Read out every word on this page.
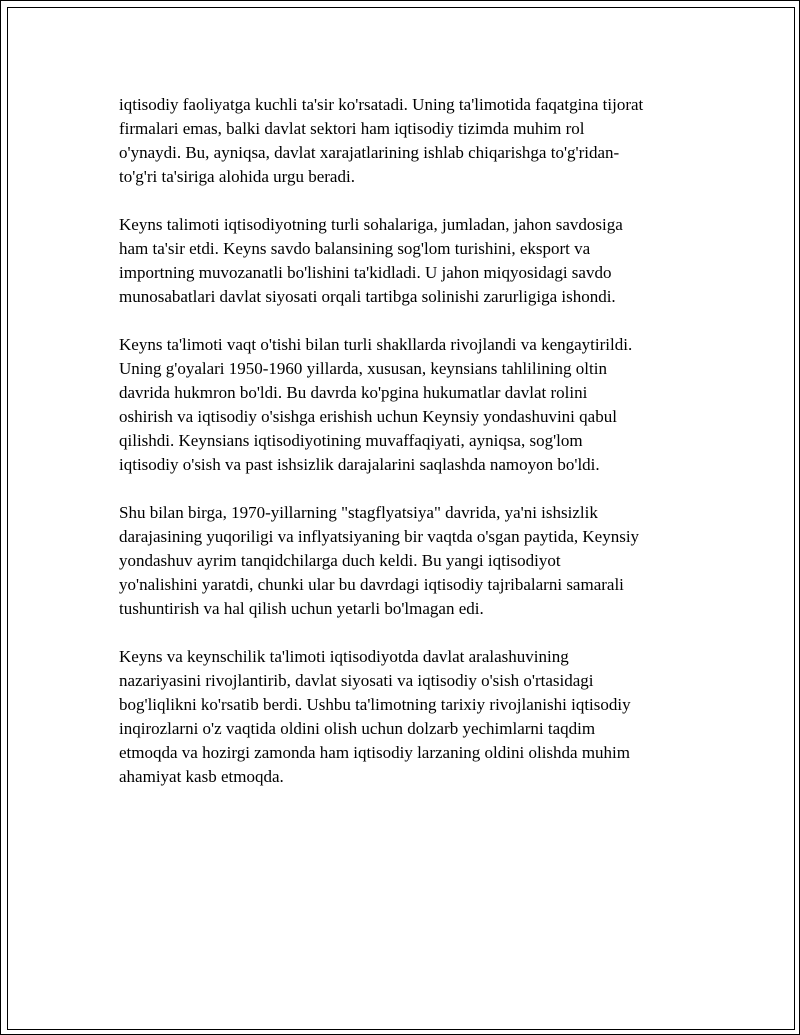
iqtisodiy faoliyatga kuchli ta'sir ko'rsatadi. Uning ta'limotida faqatgina tijorat
firmalari emas, balki davlat sektori ham iqtisodiy tizimda muhim rol
o'ynaydi. Bu, ayniqsa, davlat xarajatlarining ishlab chiqarishga to'g'ridan-
to'g'ri ta'siriga alohida urgu beradi.

Keyns talimoti iqtisodiyotning turli sohalariga, jumladan, jahon savdosiga
ham ta'sir etdi. Keyns savdo balansining sog'lom turishini, eksport va
importning muvozanatli bo'lishini ta'kidladi. U jahon miqyosidagi savdo
munosabatlari davlat siyosati orqali tartibga solinishi zarurligiga ishondi.

Keyns ta'limoti vaqt o'tishi bilan turli shakllarda rivojlandi va kengaytirildi.
Uning g'oyalari 1950-1960 yillarda, xususan, keynsians tahlilining oltin
davrida hukmron bo'ldi. Bu davrda ko'pgina hukumatlar davlat rolini
oshirish va iqtisodiy o'sishga erishish uchun Keynsiy yondashuvini qabul
qilishdi. Keynsians iqtisodiyotining muvaffaqiyati, ayniqsa, sog'lom
iqtisodiy o'sish va past ishsizlik darajalarini saqlashda namoyon bo'ldi.

Shu bilan birga, 1970-yillarning "stagflyatsiya" davrida, ya'ni ishsizlik
darajasining yuqoriligi va inflyatsiyaning bir vaqtda o'sgan paytida, Keynsiy
yondashuv ayrim tanqidchilarga duch keldi. Bu yangi iqtisodiyot
yo'nalishini yaratdi, chunki ular bu davrdagi iqtisodiy tajribalarni samarali
tushuntirish va hal qilish uchun yetarli bo'lmagan edi.

Keyns va keynschilik ta'limoti iqtisodiyotda davlat aralashuvining
nazariyasini rivojlantirib, davlat siyosati va iqtisodiy o'sish o'rtasidagi
bog'liqlikni ko'rsatib berdi. Ushbu ta'limotning tarixiy rivojlanishi iqtisodiy
inqirozlarni o'z vaqtida oldini olish uchun dolzarb yechimlarni taqdim
etmoqda va hozirgi zamonda ham iqtisodiy larzaning oldini olishda muhim
ahamiyat kasb etmoqda.
